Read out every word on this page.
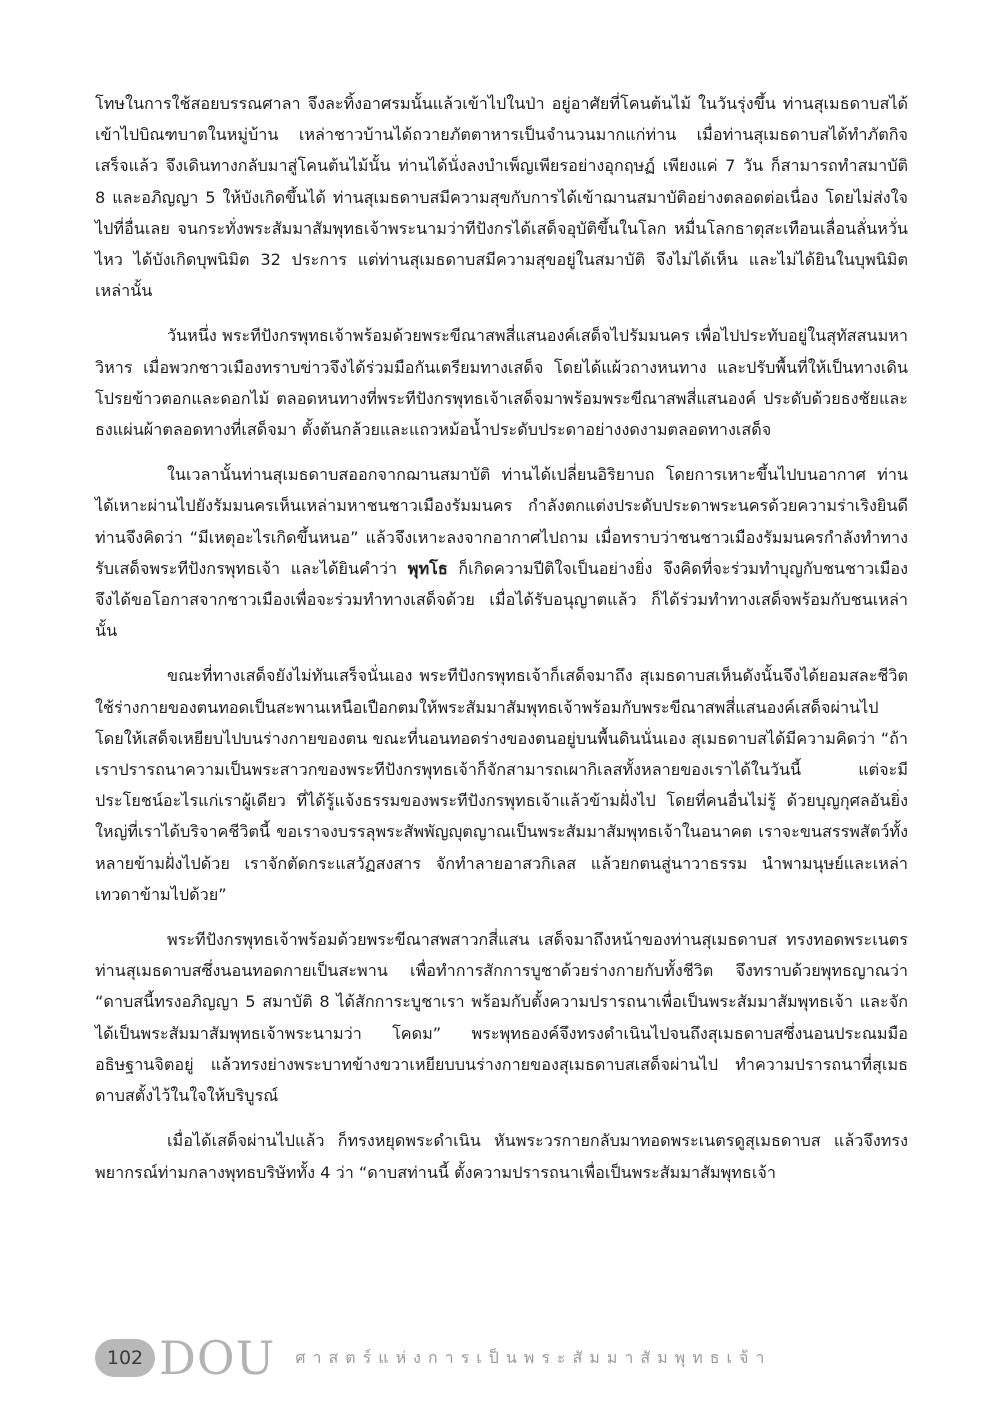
โทษในการใช้สอยบรรณศาลา จึงละทิ้งอาศรมนั้นแล้วเข้าไปในป่า อยู่อาศัยที่โคนต้นไม้ ในวันรุ่งขึ้น ท่านสุเมธดาบสได้เข้าไปบิณฑบาตในหมู่บ้าน เหล่าชาวบ้านได้ถวายภัตตาหารเป็นจำนวนมากแก่ท่าน เมื่อท่านสุเมธดาบสได้ทำภัตกิจเสร็จแล้ว จึงเดินทางกลับมาสู่โคนต้นไม้นั้น ท่านได้นั่งลงบำเพ็ญเพียรอย่างอุกฤษฏ์ เพียงแค่ 7 วัน ก็สามารถทำสมาบัติ 8 และอภิญญา 5 ให้บังเกิดขึ้นได้ ท่านสุเมธดาบสมีความสุขกับการได้เข้าฌานสมาบัติอย่างตลอดต่อเนื่อง โดยไม่ส่งใจไปที่อื่นเลย จนกระทั่งพระสัมมาสัมพุทธเจ้าพระนามว่าทีปังกรได้เสด็จอุบัติขึ้นในโลก หมื่นโลกธาตุสะเทือนเลื่อนลั่นหวั่นไหว ได้บังเกิดบุพนิมิต 32 ประการ แต่ท่านสุเมธดาบสมีความสุขอยู่ในสมาบัติ จึงไม่ได้เห็น และไม่ได้ยินในบุพนิมิตเหล่านั้น

วันหนึ่ง พระทีปังกรพุทธเจ้าพร้อมด้วยพระขีณาสพสี่แสนองค์เสด็จไปรัมมนคร เพื่อไปประทับอยู่ในสุทัสสนมหาวิหาร เมื่อพวกชาวเมืองทราบข่าวจึงได้ร่วมมือกันเตรียมทางเสด็จ โดยได้แผ้วถางหนทาง และปรับพื้นที่ให้เป็นทางเดิน โปรยข้าวตอกและดอกไม้ ตลอดหนทางที่พระทีปังกรพุทธเจ้าเสด็จมาพร้อมพระขีณาสพสี่แสนองค์ ประดับด้วยธงชัยและธงแผ่นผ้าตลอดทางที่เสด็จมา ตั้งต้นกล้วยและแถวหม้อน้ำประดับประดาอย่างงดงามตลอดทางเสด็จ

ในเวลานั้นท่านสุเมธดาบสออกจากฌานสมาบัติ ท่านได้เปลี่ยนอิริยาบถ โดยการเหาะขึ้นไปบนอากาศ ท่านได้เหาะผ่านไปยังรัมมนครเห็นเหล่ามหาชนชาวเมืองรัมมนคร กำลังตกแต่งประดับประดาพระนครด้วยความร่าเริงยินดี ท่านจึงคิดว่า “มีเหตุอะไรเกิดขึ้นหนอ” แล้วจึงเหาะลงจากอากาศไปถาม เมื่อทราบว่าชนชาวเมืองรัมมนครกำลังทำทางรับเสด็จพระทีปังกรพุทธเจ้า และได้ยินคำว่า พุทโธ ก็เกิดความปีติใจเป็นอย่างยิ่ง จึงคิดที่จะร่วมทำบุญกับชนชาวเมือง จึงได้ขอโอกาสจากชาวเมืองเพื่อจะร่วมทำทางเสด็จด้วย เมื่อได้รับอนุญาตแล้ว ก็ได้ร่วมทำทางเสด็จพร้อมกับชนเหล่านั้น

ขณะที่ทางเสด็จยังไม่ทันเสร็จนั่นเอง พระทีปังกรพุทธเจ้าก็เสด็จมาถึง สุเมธดาบสเห็นดังนั้นจึงได้ยอมสละชีวิต ใช้ร่างกายของตนทอดเป็นสะพานเหนือเปือกตมให้พระสัมมาสัมพุทธเจ้าพร้อมกับพระขีณาสพสี่แสนองค์เสด็จผ่านไป โดยให้เสด็จเหยียบไปบนร่างกายของตน ขณะที่นอนทอดร่างของตนอยู่บนพื้นดินนั่นเอง สุเมธดาบสได้มีความคิดว่า “ถ้าเราปรารถนาความเป็นพระสาวกของพระทีปังกรพุทธเจ้าก็จักสามารถเผากิเลสทั้งหลายของเราได้ในวันนี้ แต่จะมีประโยชน์อะไรแก่เราผู้เดียว ที่ได้รู้แจ้งธรรมของพระทีปังกรพุทธเจ้าแล้วข้ามฝั่งไป โดยที่คนอื่นไม่รู้ ด้วยบุญกุศลอันยิ่งใหญ่ที่เราได้บริจาคชีวิตนี้ ขอเราจงบรรลุพระสัพพัญญุตญาณเป็นพระสัมมาสัมพุทธเจ้าในอนาคต เราจะขนสรรพสัตว์ทั้งหลายข้ามฝั่งไปด้วย เราจักตัดกระแสวัฏสงสาร จักทำลายอาสวกิเลส แล้วยกตนสู่นาวาธรรม นำพามนุษย์และเหล่าเทวดาข้ามไปด้วย”

พระทีปังกรพุทธเจ้าพร้อมด้วยพระขีณาสพสาวกสี่แสน เสด็จมาถึงหน้าของท่านสุเมธดาบส ทรงทอดพระเนตรท่านสุเมธดาบสซึ่งนอนทอดกายเป็นสะพาน เพื่อทำการสักการบูชาด้วยร่างกายกับทั้งชีวิต จึงทราบด้วยพุทธญาณว่า “ดาบสนี้ทรงอภิญญา 5 สมาบัติ 8 ได้สักการะบูชาเรา พร้อมกับตั้งความปรารถนาเพื่อเป็นพระสัมมาสัมพุทธเจ้า และจักได้เป็นพระสัมมาสัมพุทธเจ้าพระนามว่า โคดม” พระพุทธองค์จึงทรงดำเนินไปจนถึงสุเมธดาบสซึ่งนอนประณมมืออธิษฐานจิตอยู่ แล้วทรงย่างพระบาทข้างขวาเหยียบบนร่างกายของสุเมธดาบสเสด็จผ่านไป ทำความปรารถนาที่สุเมธดาบสตั้งไว้ในใจให้บริบูรณ์

เมื่อได้เสด็จผ่านไปแล้ว ก็ทรงหยุดพระดำเนิน หันพระวรกายกลับมาทอดพระเนตรดูสุเมธดาบส แล้วจึงทรงพยากรณ์ท่ามกลางพุทธบริษัททั้ง 4 ว่า “ดาบสท่านนี้ ตั้งความปรารถนาเพื่อเป็นพระสัมมาสัมพุทธเจ้า

102 DOU ศาสตร์แห่งการเป็นพระสัมมาสัมพุทธเจ้า
